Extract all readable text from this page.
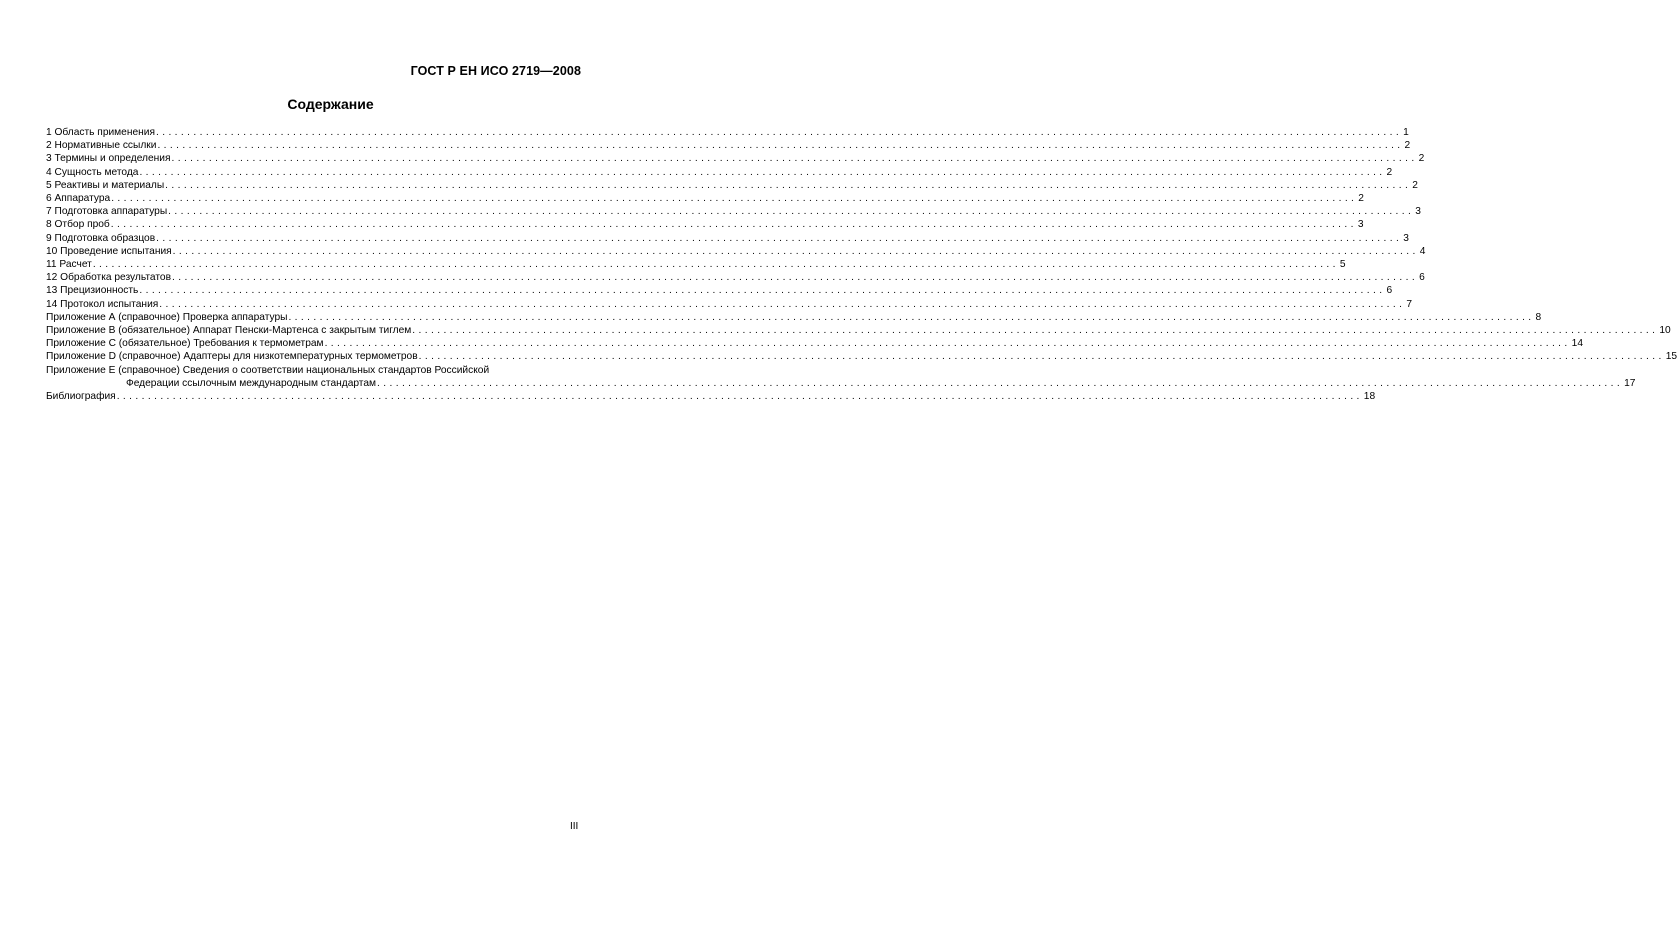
ГОСТ Р ЕН ИСО 2719—2008
Содержание
1 Область применения ........................................................................................................................................................................................................ 1
2 Нормативные ссылки ........................................................................................................................................................................................................ 2
3 Термины и определения ........................................................................................................................................................................................................ 2
4 Сущность метода ........................................................................................................................................................................................................ 2
5 Реактивы и материалы ........................................................................................................................................................................................................ 2
6 Аппаратура ........................................................................................................................................................................................................ 2
7 Подготовка аппаратуры ........................................................................................................................................................................................................ 3
8 Отбор проб ........................................................................................................................................................................................................ 3
9 Подготовка образцов ........................................................................................................................................................................................................ 3
10 Проведение испытания ........................................................................................................................................................................................................ 4
11 Расчет ........................................................................................................................................................................................................ 5
12 Обработка результатов ........................................................................................................................................................................................................ 6
13 Прецизионность ........................................................................................................................................................................................................ 6
14 Протокол испытания ........................................................................................................................................................................................................ 7
Приложение А (справочное) Проверка аппаратуры ........................................................................................................................................................................................................ 8
Приложение В (обязательное) Аппарат Пенски-Мартенса с закрытым тиглем ........................................................................................................................................................................................................ 10
Приложение С (обязательное) Требования к термометрам ........................................................................................................................................................................................................ 14
Приложение D (справочное) Адаптеры для низкотемпературных термометров ........................................................................................................................................................................................................ 15
Приложение Е (справочное) Сведения о соответствии национальных стандартов Российской
Федерации ссылочным международным стандартам ........................................................................................................................................................................................................ 17
Библиография ........................................................................................................................................................................................................ 18
III
